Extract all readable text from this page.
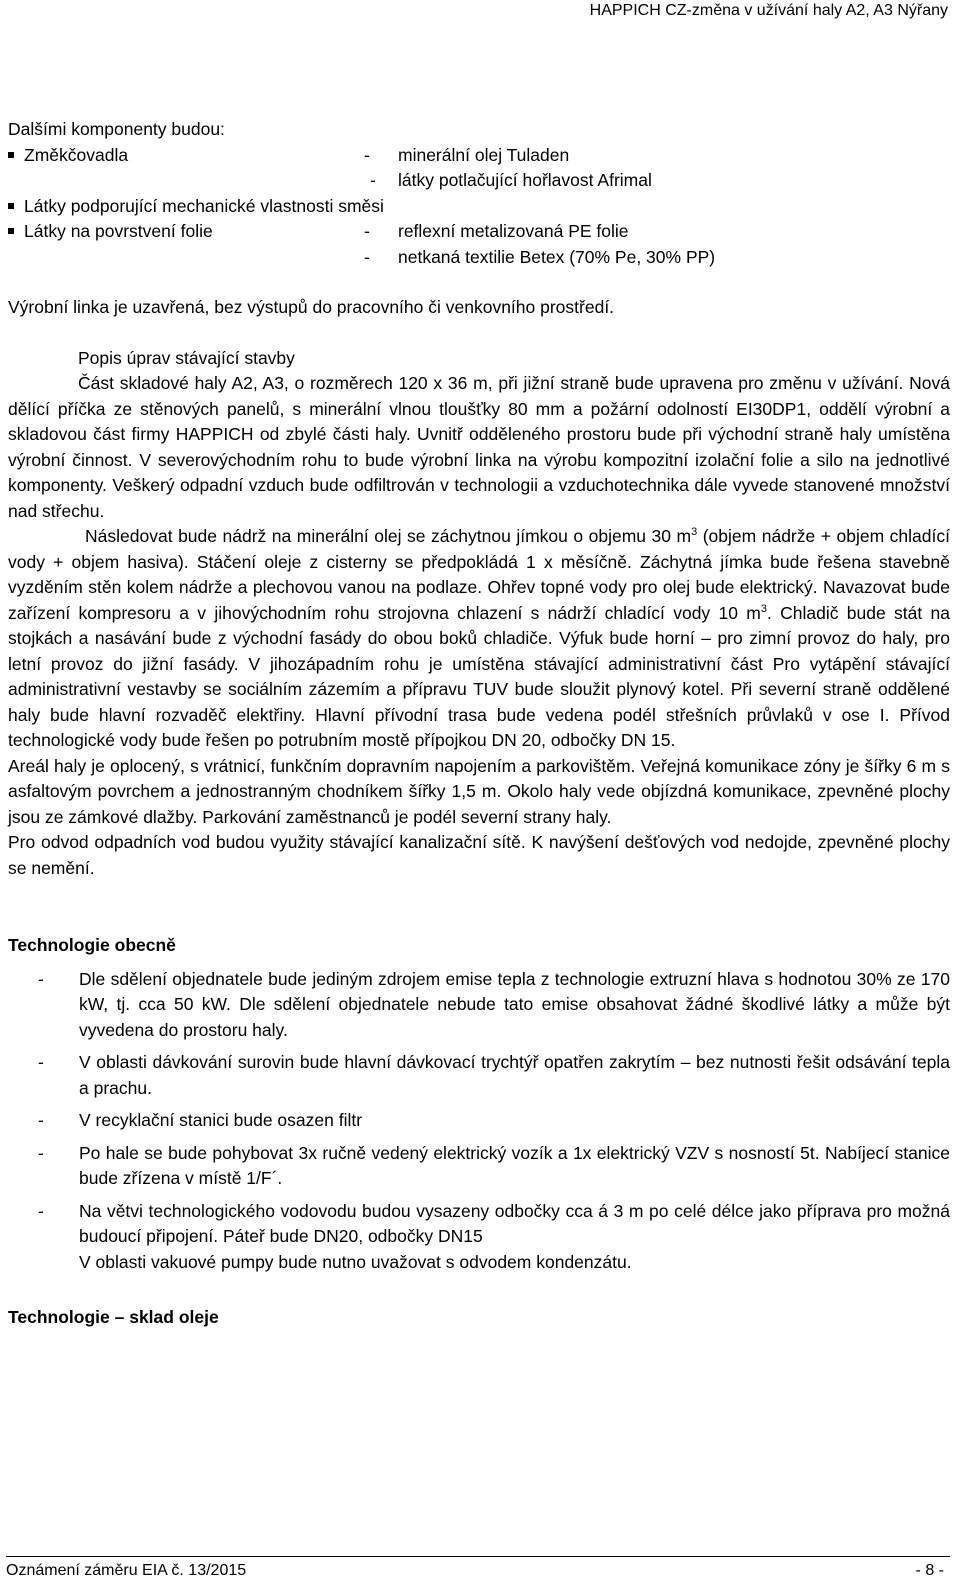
HAPPICH CZ-změna v užívání haly A2, A3 Nýřany
Dalšími komponenty budou:
Změkčovadla	- minerální olej Tuladen
- látky potlačující hořlavost Afrimal
Látky podporující mechanické vlastnosti směsi
Látky na povrstvení folie	- reflexní metalizovaná PE folie
- netkaná textilie Betex (70% Pe, 30% PP)
Výrobní linka je uzavřená, bez výstupů do pracovního či venkovního prostředí.
Popis úprav stávající stavby
Část skladové haly A2, A3, o rozměrech 120 x 36 m, při jižní straně bude upravena pro změnu v užívání. Nová dělící příčka ze stěnových panelů, s minerální vlnou tloušťky 80 mm a požární odolností EI30DP1, oddělí výrobní a skladovou část firmy HAPPICH od zbylé části haly. Uvnitř odděleného prostoru bude při východní straně haly umístěna výrobní činnost. V severovýchodním rohu to bude výrobní linka na výrobu kompozitní izolační folie a silo na jednotlivé komponenty. Veškerý odpadní vzduch bude odfiltrován v technologii a vzduchotechnika dále vyvede stanovené množství nad střechu.
Následovat bude nádrž na minerální olej se záchytnou jímkou o objemu 30 $m^3$ (objem nádrže + objem chladící vody + objem hasiva). Stáčení oleje z cisterny se předpokládá 1 x měsíčně. Záchytná jímka bude řešena stavebně vyzděním stěn kolem nádrže a plechovou vanou na podlaze. Ohřev topné vody pro olej bude elektrický. Navazovat bude zařízení kompresoru a v jihovýchodním rohu strojovna chlazení s nádrží chladící vody 10 $m^3$. Chladič bude stát na stojkách a nasávání bude z východní fasády do obou boků chladiče. Výfuk bude horní – pro zimní provoz do haly, pro letní provoz do jižní fasády. V jihozápadním rohu je umístěna stávající administrativní část Pro vytápění stávající administrativní vestavby se sociálním zázemím a přípravu TUV bude sloužit plynový kotel. Při severní straně oddělené haly bude hlavní rozvaděč elektřiny. Hlavní přívodní trasa bude vedena podél střešních průvlaků v ose I. Přívod technologické vody bude řešen po potrubním mostě přípojkou DN 20, odbočky DN 15.
Areál haly je oplocený, s vrátnicí, funkčním dopravním napojením a parkovištěm. Veřejná komunikace zóny je šířky 6 m s asfaltovým povrchem a jednostranným chodníkem šířky 1,5 m. Okolo haly vede objízdná komunikace, zpevněné plochy jsou ze zámkové dlažby. Parkování zaměstnanců je podél severní strany haly.
Pro odvod odpadních vod budou využity stávající kanalizační sítě. K navýšení dešťových vod nedojde, zpevněné plochy se nemění.
Technologie obecně
- Dle sdělení objednatele bude jediným zdrojem emise tepla z technologie extruzní hlava s hodnotou 30% ze 170 kW, tj. cca 50 kW. Dle sdělení objednatele nebude tato emise obsahovat žádné škodlivé látky a může být vyvedena do prostoru haly.
- V oblasti dávkování surovin bude hlavní dávkovací trychtýř opatřen zakrytím – bez nutnosti řešit odsávání tepla a prachu.
- V recyklační stanici bude osazen filtr
- Po hale se bude pohybovat 3x ručně vedený elektrický vozík a 1x elektrický VZV s nosností 5t. Nabíjecí stanice bude zřízena v místě 1/F´.
- Na větvi technologického vodovodu budou vysazeny odbočky cca á 3 m po celé délce jako příprava pro možná budoucí připojení. Páteř bude DN20, odbočky DN15
V oblasti vakuové pumpy bude nutno uvažovat s odvodem kondenzátu.
Technologie – sklad oleje
Oznámení záměru EIA č. 13/2015	- 8 -
